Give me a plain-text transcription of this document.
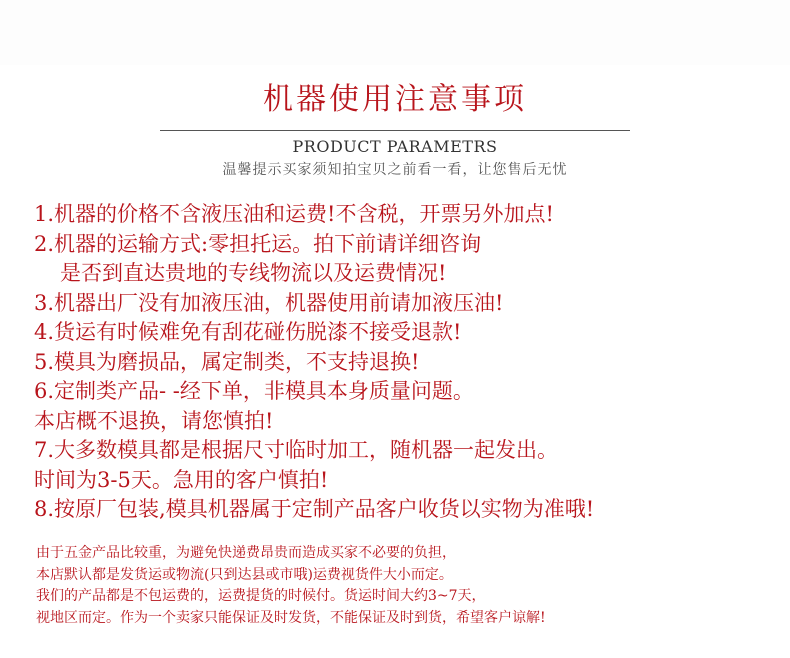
机器使用注意事项
PRODUCT PARAMETRS
温馨提示买家须知拍宝贝之前看一看，让您售后无忧
1.机器的价格不含液压油和运费!不含税，开票另外加点!
2.机器的运输方式:零担托运。拍下前请详细咨询
是否到直达贵地的专线物流以及运费情况!
3.机器出厂没有加液压油，机器使用前请加液压油!
4.货运有时候难免有刮花碰伤脱漆不接受退款!
5.模具为磨损品，属定制类，不支持退换!
6.定制类产品- -经下单，非模具本身质量问题。
本店概不退换，请您慎拍!
7.大多数模具都是根据尺寸临时加工，随机器一起发出。
时间为3-5天。急用的客户慎拍!
8.按原厂包装,模具机器属于定制产品客户收货以实物为准哦!
由于五金产品比较重，为避免快递费昂贵而造成买家不必要的负担，
本店默认都是发货运或物流(只到达县或市哦)运费视货件大小而定。
我们的产品都是不包运费的，运费提货的时候付。货运时间大约3~7天，
视地区而定。作为一个卖家只能保证及时发货，不能保证及时到货，希望客户谅解!
